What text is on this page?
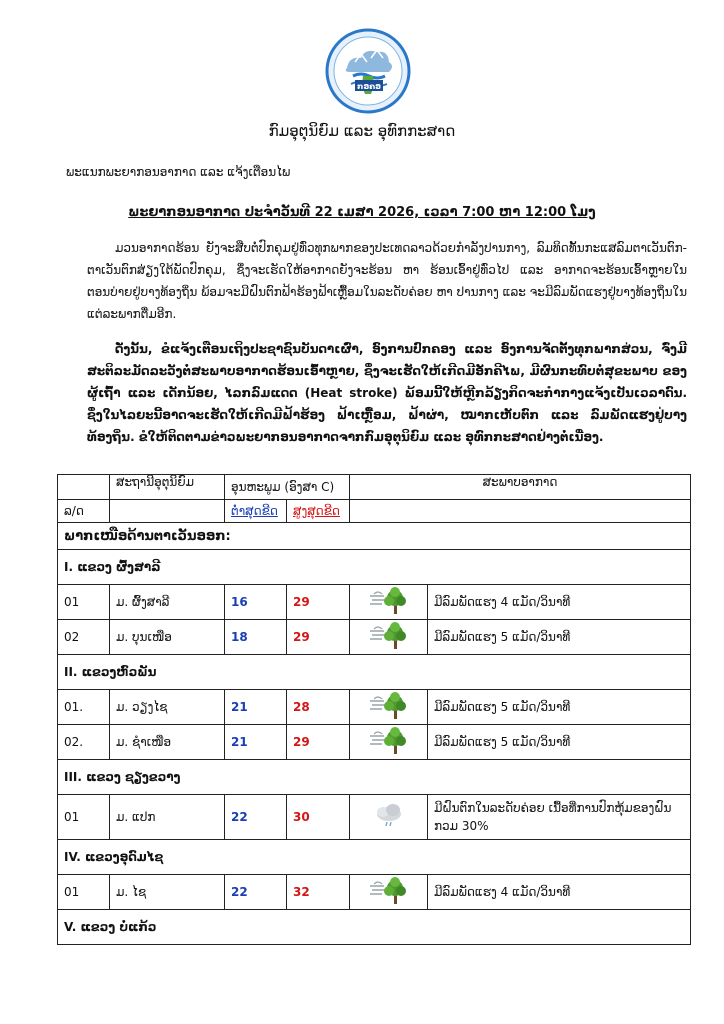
ກອຄອ
ກົມອຸຕຸນິຍົມ ແລະ ອຸທົກກະສາດ
ພະແນກພະຍາກອນອາກາດ ແລະ ແຈ້ງເຕືອນໄພ
ພະຍາກອນອາກາດ ປະຈຳວັນທີ 22 ເມສາ 2026, ເວລາ 7:00 ຫາ 12:00 ໂມງ

ມວນອາກາດຮ້ອນ ຍັງຈະສືບຕໍ່ປົກຄຸມຢູ່ທົ່ວທຸກພາກຂອງປະເທດລາວດ້ວຍກຳລັງປານກາງ, ລົມທິດທັ້ນກະແສລົມຕາເວັນຕົກ-ຕາເວັນຕົກສ່ຽງໃຕ້ພັດປົກຄຸມ, ຊຶ່ງຈະເຮັດໃຫ້ອາກາດຍັງຈະຮ້ອນ ຫາ ຮ້ອນເອົ້າຢູ່ທົ່ວໄປ ແລະ ອາກາດຈະຮ້ອນເອົ້າຫຼາຍໃນຕອນບ່າຍຢູ່ບາງທ້ອງຖິ່ນ ພ້ອມຈະມີຝົນຕົກຟ້າຮ້ອງຟ້າເຫຼື້ອມໃນລະດັບຄ່ອຍ ຫາ ປານກາງ ແລະ ຈະມີລົມພັດແຮງຢູ່ບາງທ້ອງຖິ່ນໃນແຕ່ລະພາກຕື່ມອີກ.

ດັ່ງນັ້ນ, ຂໍແຈ້ງເຕືອນເຖິງປະຊາຊົນບັນດາເຜົ່າ, ອົງການປົກຄອງ ແລະ ອົງການຈັດຕັ້ງທຸກພາກສ່ວນ, ຈົ່ງມີສະຕິລະມັດລະວັງຕໍ່ສະພາບອາກາດຮ້ອນເອົ້າຫຼາຍ, ຊຶ່ງຈະເຮັດໃຫ້ເກີດມີອັກຄີໄພ, ມີຜົນກະທົບຕໍ່ສຸຂະພາບ ຂອງຜູ້ເຖົ້າ ແລະ ເດັກນ້ອຍ, ໄລກລົມແດດ (Heat stroke) ພ້ອມນີ້ໃຫ້ຫຼີກລ້ຽງກິດຈະກຳກາງແຈ້ງເປັນເວລາດົນ. ຊຶ່ງໃນໄລຍະນີ້ອາດຈະເຮັດໃຫ້ເກີດມີຟ້າຮ້ອງ ຟ້າເຫຼື້ອມ, ຟ້າຜ່າ, ໝາກເຫັບຕົກ ແລະ ລົມພັດແຮງຢູ່ບາງທ້ອງຖິ່ນ. ຂໍໃຫ້ຕິດຕາມຂ່າວພະຍາກອນອາກາດຈາກກົມອຸຕຸນິຍົມ ແລະ ອຸທົກກະສາດຢ່າງຕໍ່ເນື່ອງ.

	ສະຖານີອຸຕຸນິຍົມ	ອຸນຫະພູມ (ອົງສາ C)		ສະພາບອາກາດ	
ລ/ດ		ຕ່ຳສຸດຂີດ	ສູງສຸດຂີດ		
ພາກເໜືອດ້ານຕາເວັນອອກ:					
I. ແຂວງ ຜົ້ງສາລີ					
01	ມ. ຜົ້ງສາລີ	16	29		ມີລົມພັດແຮງ 4 ແມັດ/ວິນາທີ
02	ມ. ບຸນເໜືອ	18	29		ມີລົມພັດແຮງ 5 ແມັດ/ວິນາທີ
II. ແຂວງຫົວພັນ					
01.	ມ. ວຽງໄຊ	21	28		ມີລົມພັດແຮງ 5 ແມັດ/ວິນາທີ
02.	ມ. ຊຳເໜືອ	21	29		ມີລົມພັດແຮງ 5 ແມັດ/ວິນາທີ
III. ແຂວງ ຊຽງຂວາງ					
01	ມ. ແປກ	22	30		ມີຝົນຕົກໃນລະດັບຄ່ອຍ ເນື້ອທີ່ການປົກຫຸ້ມຂອງຝົນ ກວມ 30%
IV. ແຂວງອຸດົມໄຊ					
01	ມ. ໄຊ	22	32		ມີລົມພັດແຮງ 4 ແມັດ/ວິນາທີ
V. ແຂວງ ບໍ່ແກ້ວ					
